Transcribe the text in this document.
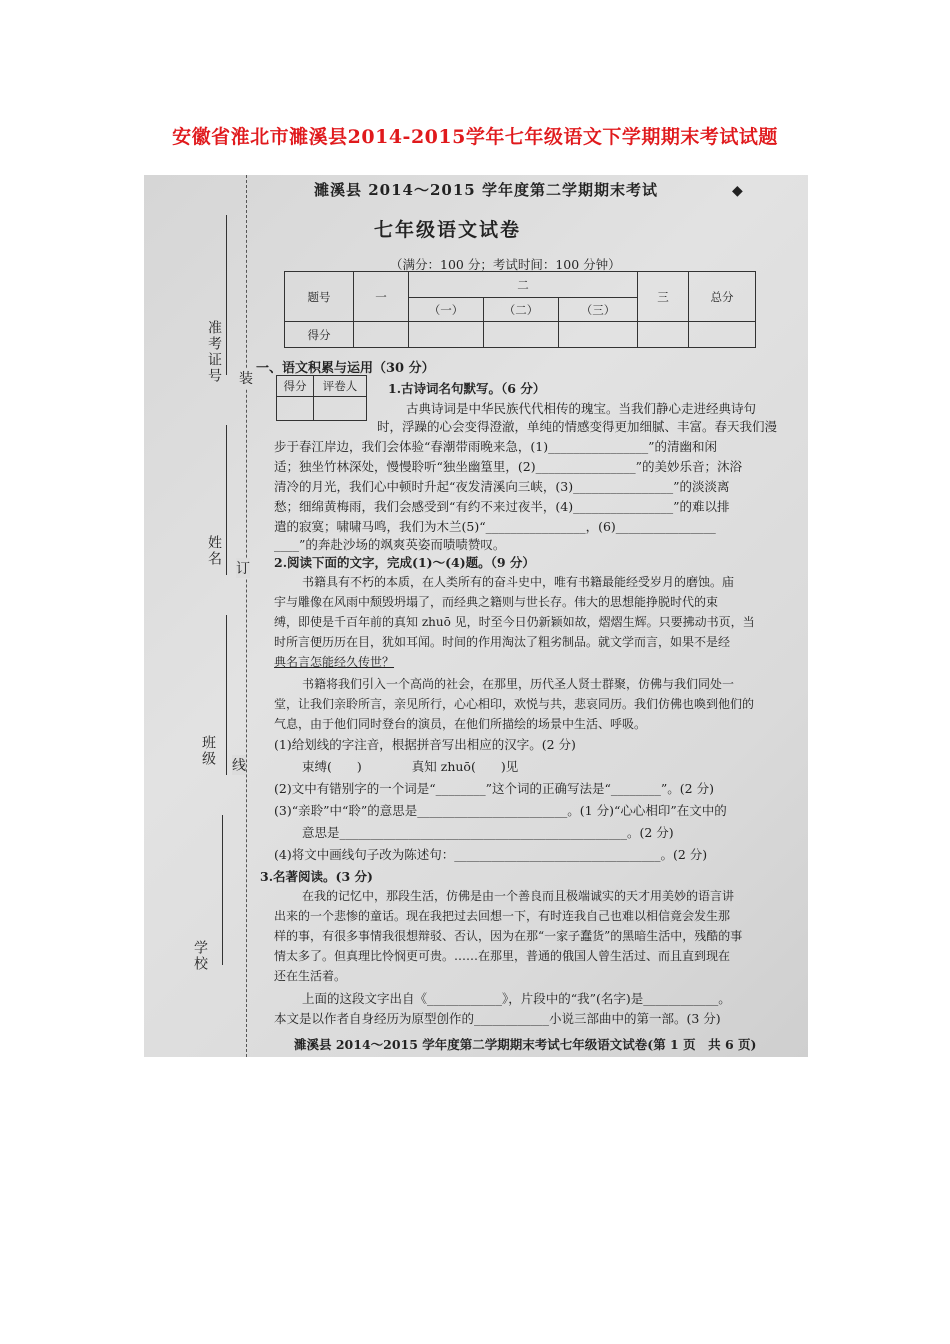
安徽省淮北市濉溪县2014-2015学年七年级语文下学期期末考试试题
◆
濉溪县 2014～2015 学年度第二学期期末考试
七年级语文试卷
（满分：100 分；考试时间：100 分钟）
题号	一	二			三	总分
		（一）	（二）	（三）		
得分						
准考证号
姓名
班级
学校
装
订
线
得分	评卷人

一、语文积累与运用（30 分）
1.古诗词名句默写。（6 分）
古典诗词是中华民族代代相传的瑰宝。当我们静心走进经典诗句
时，浮躁的心会变得澄澈，单纯的情感变得更加细腻、丰富。春天我们漫
步于春江岸边，我们会体验“春潮带雨晚来急，(1)________________”的清幽和闲
适；独坐竹林深处，慢慢聆听“独坐幽篁里，(2)________________”的美妙乐音；沐浴
清冷的月光，我们心中顿时升起“夜发清溪向三峡，(3)________________”的淡淡离
愁；细绵黄梅雨，我们会感受到“有约不来过夜半，(4)________________”的难以排
遣的寂寞；啸啸马鸣，我们为木兰(5)“________________，(6)________________
____”的奔赴沙场的飒爽英姿而啧啧赞叹。
2.阅读下面的文字，完成(1)～(4)题。（9 分）
书籍具有不朽的本质，在人类所有的奋斗史中，唯有书籍最能经受岁月的磨蚀。庙
宇与雕像在风雨中颓毁坍塌了，而经典之籍则与世长存。伟大的思想能挣脱时代的束
缚，即使是千百年前的真知 zhuō 见，时至今日仍新颖如故，熠熠生辉。只要拂动书页，当
时所言便历历在目，犹如耳闻。时间的作用淘汰了粗劣制品。就文学而言，如果不是经
典名言怎能经久传世？
书籍将我们引入一个高尚的社会，在那里，历代圣人贤士群聚，仿佛与我们同处一
堂，让我们亲聆所言，亲见所行，心心相印，欢悦与共，悲哀同历。我们仿佛也喚到他们的
气息，由于他们同时登台的演员，在他们所描绘的场景中生活、呼吸。
(1)给划线的字注音，根据拼音写出相应的汉字。(2 分)
束缚(　　)　　　　真知 zhuō(　　)见
(2)文中有错别字的一个词是“________”这个词的正确写法是“________”。(2 分)
(3)“亲聆”中“聆”的意思是________________________。(1 分)“心心相印”在文中的
意思是______________________________________________。(2 分)
(4)将文中画线句子改为陈述句：_________________________________。(2 分)
3.名著阅读。(3 分)
在我的记忆中，那段生活，仿佛是由一个善良而且极端诚实的天才用美妙的语言讲
出来的一个悲惨的童话。现在我把过去回想一下，有时连我自己也难以相信竟会发生那
样的事，有很多事情我很想辩驳、否认，因为在那“一家子蠢货”的黑暗生活中，残酷的事
情太多了。但真理比怜悯更可贵。……在那里，普通的俄国人曾生活过、而且直到现在
还在生活着。
上面的这段文字出自《____________》，片段中的“我”(名字)是____________。
本文是以作者自身经历为原型创作的____________小说三部曲中的第一部。(3 分)
濉溪县 2014～2015 学年度第二学期期末考试七年级语文试卷(第 1 页　共 6 页)
